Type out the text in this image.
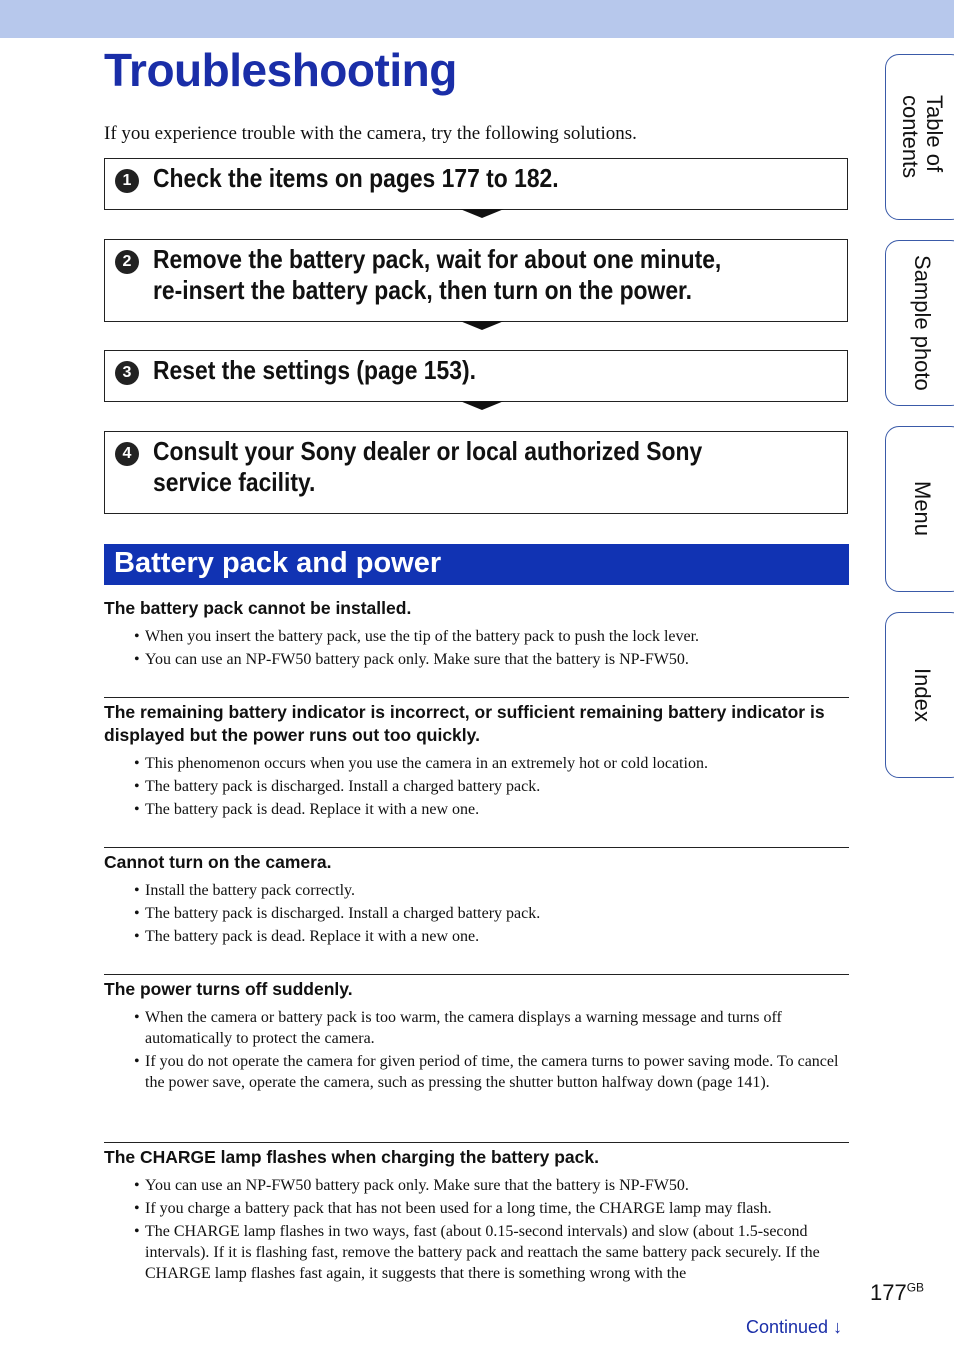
Troubleshooting
If you experience trouble with the camera, try the following solutions.
1 Check the items on pages 177 to 182.
2 Remove the battery pack, wait for about one minute, re-insert the battery pack, then turn on the power.
3 Reset the settings (page 153).
4 Consult your Sony dealer or local authorized Sony service facility.
Battery pack and power
The battery pack cannot be installed.
• When you insert the battery pack, use the tip of the battery pack to push the lock lever.
• You can use an NP-FW50 battery pack only. Make sure that the battery is NP-FW50.
The remaining battery indicator is incorrect, or sufficient remaining battery indicator is displayed but the power runs out too quickly.
• This phenomenon occurs when you use the camera in an extremely hot or cold location.
• The battery pack is discharged. Install a charged battery pack.
• The battery pack is dead. Replace it with a new one.
Cannot turn on the camera.
• Install the battery pack correctly.
• The battery pack is discharged. Install a charged battery pack.
• The battery pack is dead. Replace it with a new one.
The power turns off suddenly.
• When the camera or battery pack is too warm, the camera displays a warning message and turns off automatically to protect the camera.
• If you do not operate the camera for given period of time, the camera turns to power saving mode. To cancel the power save, operate the camera, such as pressing the shutter button halfway down (page 141).
The CHARGE lamp flashes when charging the battery pack.
• You can use an NP-FW50 battery pack only. Make sure that the battery is NP-FW50.
• If you charge a battery pack that has not been used for a long time, the CHARGE lamp may flash.
• The CHARGE lamp flashes in two ways, fast (about 0.15-second intervals) and slow (about 1.5-second intervals). If it is flashing fast, remove the battery pack and reattach the same battery pack securely. If the CHARGE lamp flashes fast again, it suggests that there is something wrong with the
Table of
contents
Sample photo
Menu
Index
$177^{GB}$
Continued ↓
